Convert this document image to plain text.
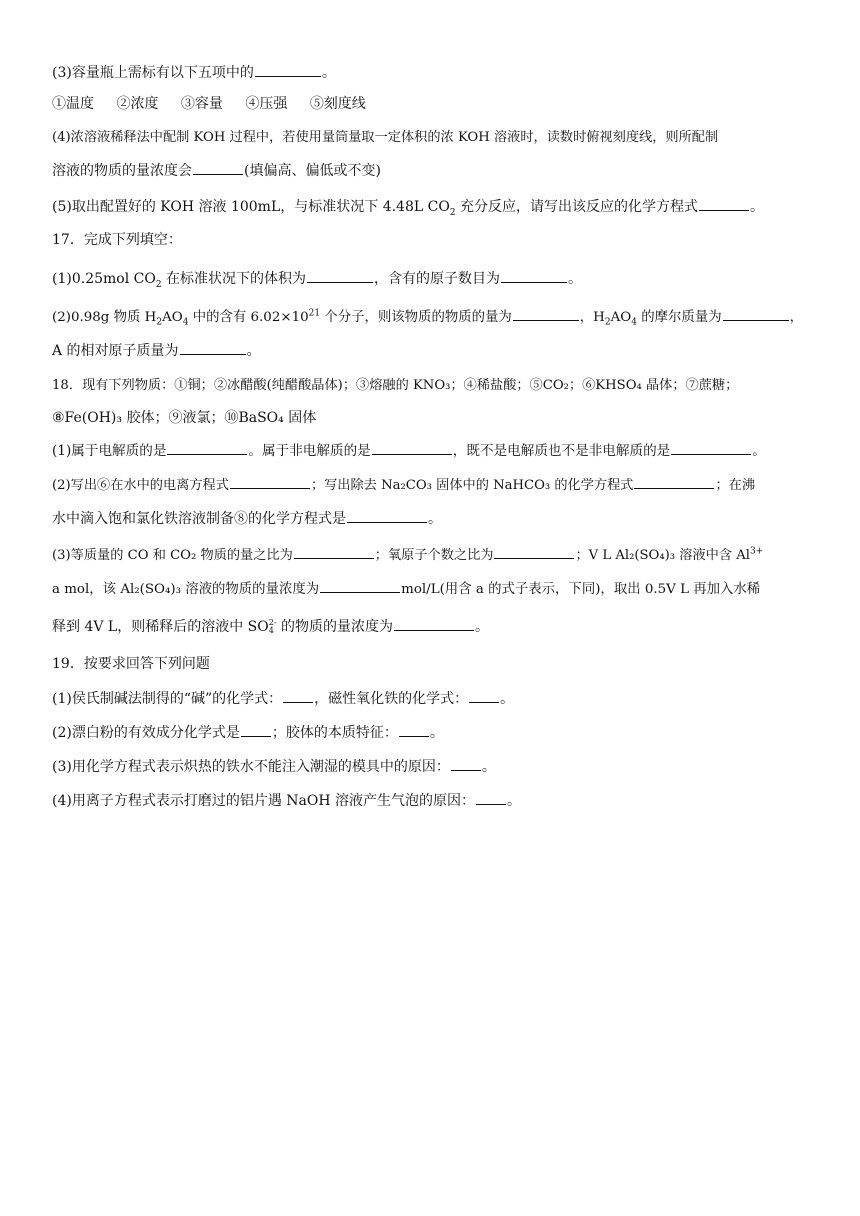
(3)容量瓶上需标有以下五项中的	。
①温度 ②浓度 ③容量 ④压强 ⑤刻度线
(4)浓溶液稀释法中配制 KOH 过程中，若使用量筒量取一定体积的浓 KOH 溶液时，读数时俯视刻度线，则所配制
溶液的物质的量浓度会	(填偏高、偏低或不变)
(5)取出配置好的 KOH 溶液 100mL，与标准状况下 4.48L $CO_2$ 充分反应，请写出该反应的化学方程式	。
17．完成下列填空：
(1)0.25mol $CO_2$ 在标准状况下的体积为	，含有的原子数目为	。
(2)0.98g 物质 $H_2AO_4$ 中的含有 $6.02\times 10^{21}$ 个分子，则该物质的物质的量为	，$H_2AO_4$ 的摩尔质量为	，
A 的相对原子质量为	。
18．现有下列物质：①铜；②冰醋酸(纯醋酸晶体)；③熔融的 KNO₃；④稀盐酸；⑤CO₂；⑥KHSO₄ 晶体；⑦蔗糖；
⑧Fe(OH)₃ 胶体；⑨液氯；⑩BaSO₄ 固体
(1)属于电解质的是	。属于非电解质的是	，既不是电解质也不是非电解质的是	。
(2)写出⑥在水中的电离方程式	；写出除去 Na₂CO₃ 固体中的 NaHCO₃ 的化学方程式	；在沸
水中滴入饱和氯化铁溶液制备⑧的化学方程式是	。
(3)等质量的 CO 和 CO₂ 物质的量之比为	；氧原子个数之比为	；V L Al₂(SO₄)₃ 溶液中含 $Al^{3+}$
a mol，该 Al₂(SO₄)₃ 溶液的物质的量浓度为	mol/L(用含 a 的式子表示，下同)，取出 0.5V L 再加入水稀
释到 4V L，则稀释后的溶液中 SO 2-
4 的物质的量浓度为	。
19．按要求回答下列问题
(1)侯氏制碱法制得的“碱”的化学式： ，磁性氧化铁的化学式： 。
(2)漂白粉的有效成分化学式是 ；胶体的本质特征： 。
(3)用化学方程式表示炽热的铁水不能注入潮湿的模具中的原因： 。
(4)用离子方程式表示打磨过的铝片遇 NaOH 溶液产生气泡的原因： 。
